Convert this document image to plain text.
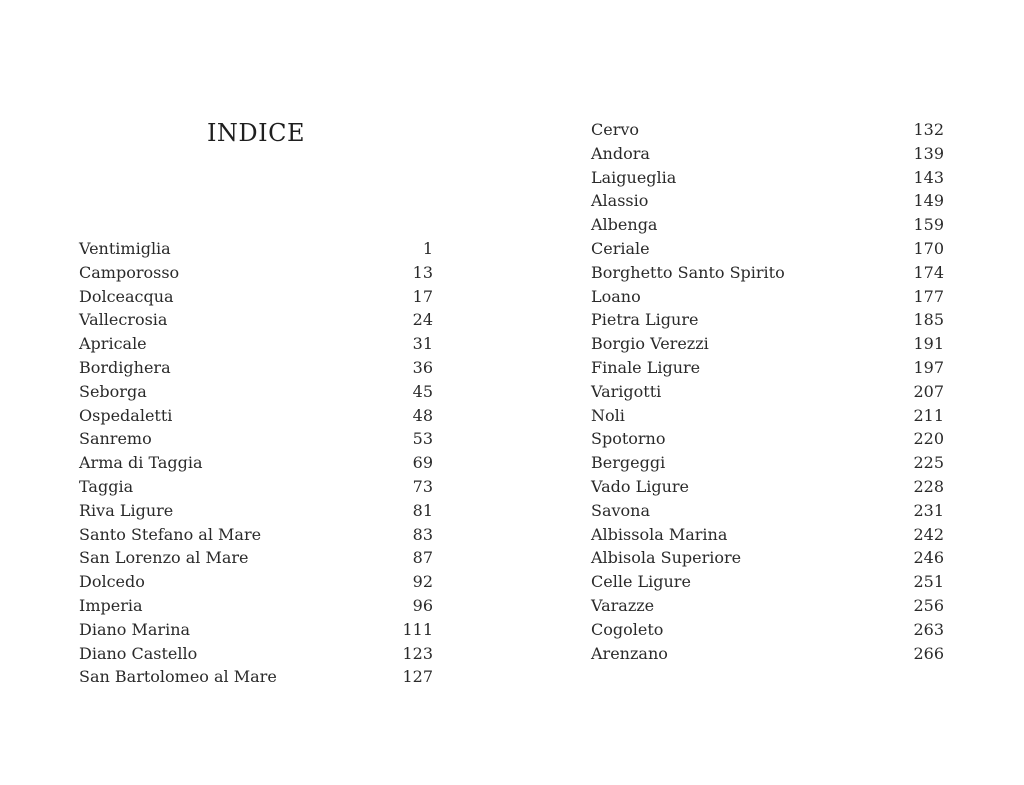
INDICE
Ventimiglia	1
Camporosso	13
Dolceacqua	17
Vallecrosia	24
Apricale	31
Bordighera	36
Seborga	45
Ospedaletti	48
Sanremo	53
Arma di Taggia	69
Taggia	73
Riva Ligure	81
Santo Stefano al Mare	83
San Lorenzo al Mare	87
Dolcedo	92
Imperia	96
Diano Marina	111
Diano Castello	123
San Bartolomeo al Mare	127
Cervo	132
Andora	139
Laigueglia	143
Alassio	149
Albenga	159
Ceriale	170
Borghetto Santo Spirito	174
Loano	177
Pietra Ligure	185
Borgio Verezzi	191
Finale Ligure	197
Varigotti	207
Noli	211
Spotorno	220
Bergeggi	225
Vado Ligure	228
Savona	231
Albissola Marina	242
Albisola Superiore	246
Celle Ligure	251
Varazze	256
Cogoleto	263
Arenzano	266
